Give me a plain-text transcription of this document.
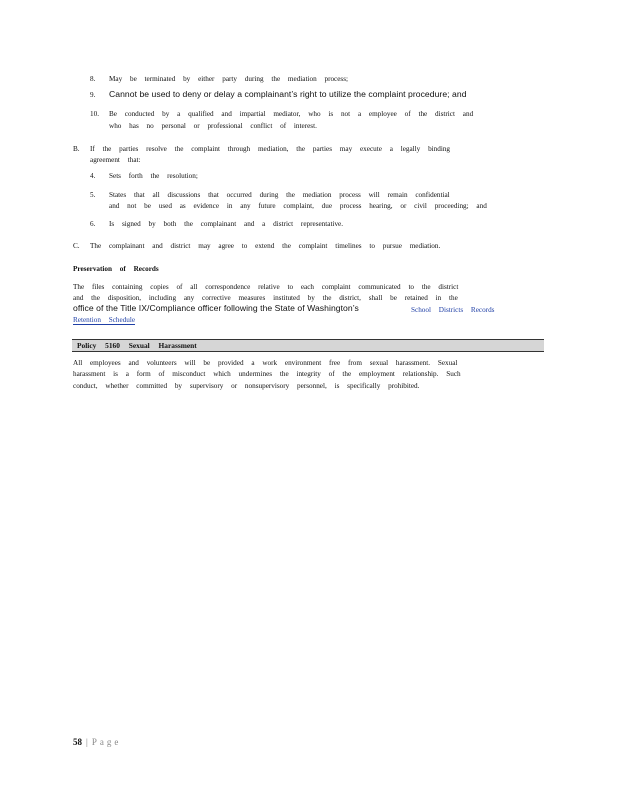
8. May be terminated by either party during the mediation process;
9. Cannot be used to deny or delay a complainant’s right to utilize the complaint procedure; and
10. Be conducted by a qualified and impartial mediator, who is not a employee of the district and
who has no personal or professional conflict of interest.
B. If the parties resolve the complaint through mediation, the parties may execute a legally binding
agreement that:
4. Sets forth the resolution;
5. States that all discussions that occurred during the mediation process will remain confidential
and not be used as evidence in any future complaint, due process hearing, or civil proceeding; and
6. Is signed by both the complainant and a district representative.
C. The complainant and district may agree to extend the complaint timelines to pursue mediation.
Preservation of Records
The files containing copies of all correspondence relative to each complaint communicated to the district
and the disposition, including any corrective measures instituted by the district, shall be retained in the
office of the Title IX/Compliance officer following the State of Washington’s	School Districts Records
Retention Schedule
Policy 5160 Sexual Harassment
All employees and volunteers will be provided a work environment free from sexual harassment. Sexual
harassment is a form of misconduct which undermines the integrity of the employment relationship. Such
conduct, whether committed by supervisory or nonsupervisory personnel, is specifically prohibited.
58 | Page
